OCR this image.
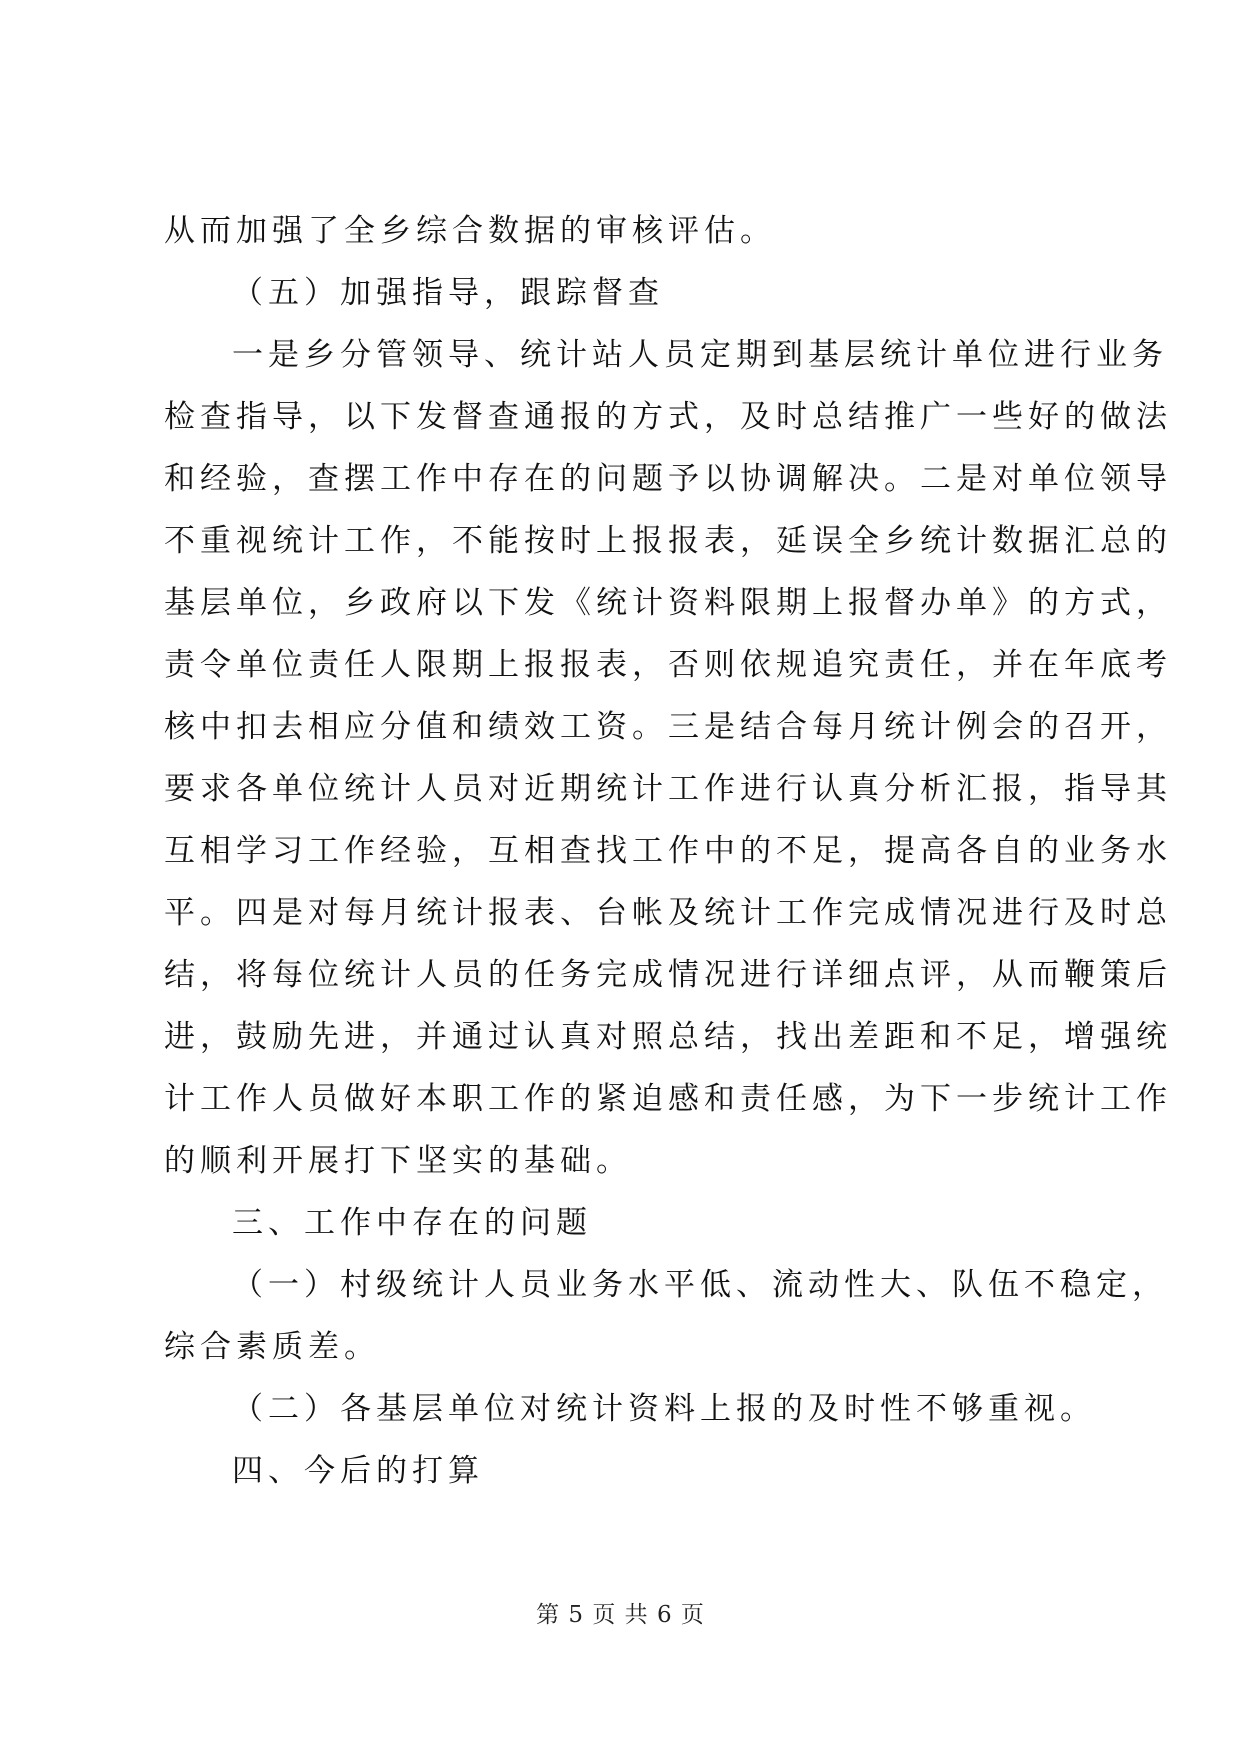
从而加强了全乡综合数据的审核评估。
（五）加强指导，跟踪督查
一是乡分管领导、统计站人员定期到基层统计单位进行业务
检查指导，以下发督查通报的方式，及时总结推广一些好的做法
和经验，查摆工作中存在的问题予以协调解决。二是对单位领导
不重视统计工作，不能按时上报报表，延误全乡统计数据汇总的
基层单位，乡政府以下发《统计资料限期上报督办单》的方式，
责令单位责任人限期上报报表，否则依规追究责任，并在年底考
核中扣去相应分值和绩效工资。三是结合每月统计例会的召开，
要求各单位统计人员对近期统计工作进行认真分析汇报，指导其
互相学习工作经验，互相查找工作中的不足，提高各自的业务水
平。四是对每月统计报表、台帐及统计工作完成情况进行及时总
结，将每位统计人员的任务完成情况进行详细点评，从而鞭策后
进，鼓励先进，并通过认真对照总结，找出差距和不足，增强统
计工作人员做好本职工作的紧迫感和责任感，为下一步统计工作
的顺利开展打下坚实的基础。
三、工作中存在的问题
（一）村级统计人员业务水平低、流动性大、队伍不稳定，
综合素质差。
（二）各基层单位对统计资料上报的及时性不够重视。
四、今后的打算
第 5 页 共 6 页
